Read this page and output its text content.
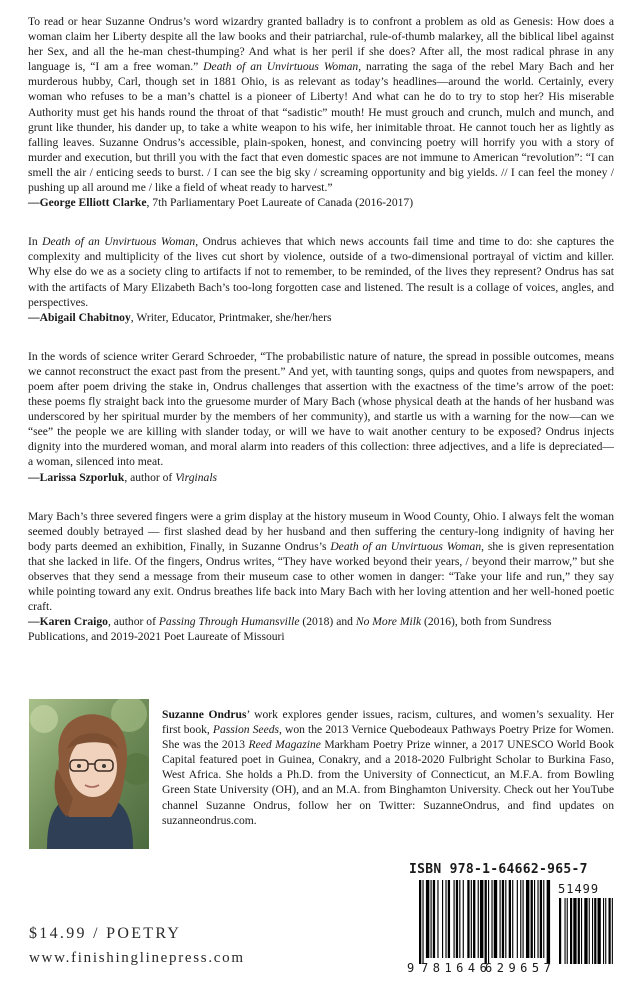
To read or hear Suzanne Ondrus’s word wizardry granted balladry is to confront a problem as old as Genesis: How does a woman claim her Liberty despite all the law books and their patriarchal, rule-of-thumb malarkey, all the biblical libel against her Sex, and all the he-man chest-thumping? And what is her peril if she does? After all, the most radical phrase in any language is, “I am a free woman.” Death of an Unvirtuous Woman, narrating the saga of the rebel Mary Bach and her murderous hubby, Carl, though set in 1881 Ohio, is as relevant as today’s headlines—around the world. Certainly, every woman who refuses to be a man’s chattel is a pioneer of Liberty! And what can he do to try to stop her? His miserable Authority must get his hands round the throat of that “sadistic” mouth! He must grouch and crunch, mulch and munch, and grunt like thunder, his dander up, to take a white weapon to his wife, her inimitable throat. He cannot touch her as lightly as falling leaves. Suzanne Ondrus’s accessible, plain-spoken, honest, and convincing poetry will horrify you with a story of murder and execution, but thrill you with the fact that even domestic spaces are not immune to American “revolution”: “I can smell the air / enticing seeds to burst. / I can see the big sky / screaming opportunity and big yields. // I can feel the money / pushing up all around me / like a field of wheat ready to harvest.”

—George Elliott Clarke, 7th Parliamentary Poet Laureate of Canada (2016-2017)

In Death of an Unvirtuous Woman, Ondrus achieves that which news accounts fail time and time to do: she captures the complexity and multiplicity of the lives cut short by violence, outside of a two-dimensional portrayal of victim and killer. Why else do we as a society cling to artifacts if not to remember, to be reminded, of the lives they represent? Ondrus has sat with the artifacts of Mary Elizabeth Bach’s too-long forgotten case and listened. The result is a collage of voices, angles, and perspectives.

—Abigail Chabitnoy, Writer, Educator, Printmaker, she/her/hers

In the words of science writer Gerard Schroeder, “The probabilistic nature of nature, the spread in possible outcomes, means we cannot reconstruct the exact past from the present.” And yet, with taunting songs, quips and quotes from newspapers, and poem after poem driving the stake in, Ondrus challenges that assertion with the exactness of the time’s arrow of the poet: these poems fly straight back into the gruesome murder of Mary Bach (whose physical death at the hands of her husband was underscored by her spiritual murder by the members of her community), and startle us with a warning for the now—can we “see” the people we are killing with slander today, or will we have to wait another century to be exposed? Ondrus injects dignity into the murdered woman, and moral alarm into readers of this collection: three adjectives, and a life is depreciated—a woman, silenced into meat.

—Larissa Szporluk, author of Virginals

Mary Bach’s three severed fingers were a grim display at the history museum in Wood County, Ohio. I always felt the woman seemed doubly betrayed — first slashed dead by her husband and then suffering the century-long indignity of having her body parts deemed an exhibition, Finally, in Suzanne Ondrus’s Death of an Unvirtuous Woman, she is given representation that she lacked in life. Of the fingers, Ondrus writes, “They have worked beyond their years, / beyond their marrow,” but she observes that they send a message from their museum case to other women in danger: “Take your life and run,” they say while pointing toward any exit. Ondrus breathes life back into Mary Bach with her loving attention and her well-honed poetic craft.

—Karen Craigo, author of Passing Through Humansville (2018) and No More Milk (2016), both from Sundress Publications, and 2019-2021 Poet Laureate of Missouri

Suzanne Ondrus’ work explores gender issues, racism, cultures, and women’s sexuality. Her first book, Passion Seeds, won the 2013 Vernice Quebodeaux Pathways Poetry Prize for Women. She was the 2013 Reed Magazine Markham Poetry Prize winner, a 2017 UNESCO World Book Capital featured poet in Guinea, Conakry, and a 2018-2020 Fulbright Scholar to Burkina Faso, West Africa. She holds a Ph.D. from the University of Connecticut, an M.F.A. from Bowling Green State University (OH), and an M.A. from Binghamton University. Check out her YouTube channel Suzanne Ondrus, follow her on Twitter: SuzanneOndrus, and find updates on suzanneondrus.com.

$14.99 / POETRY
www.finishinglinepress.com
ISBN 978-1-64662-965-7
51499
9 781646
629657
